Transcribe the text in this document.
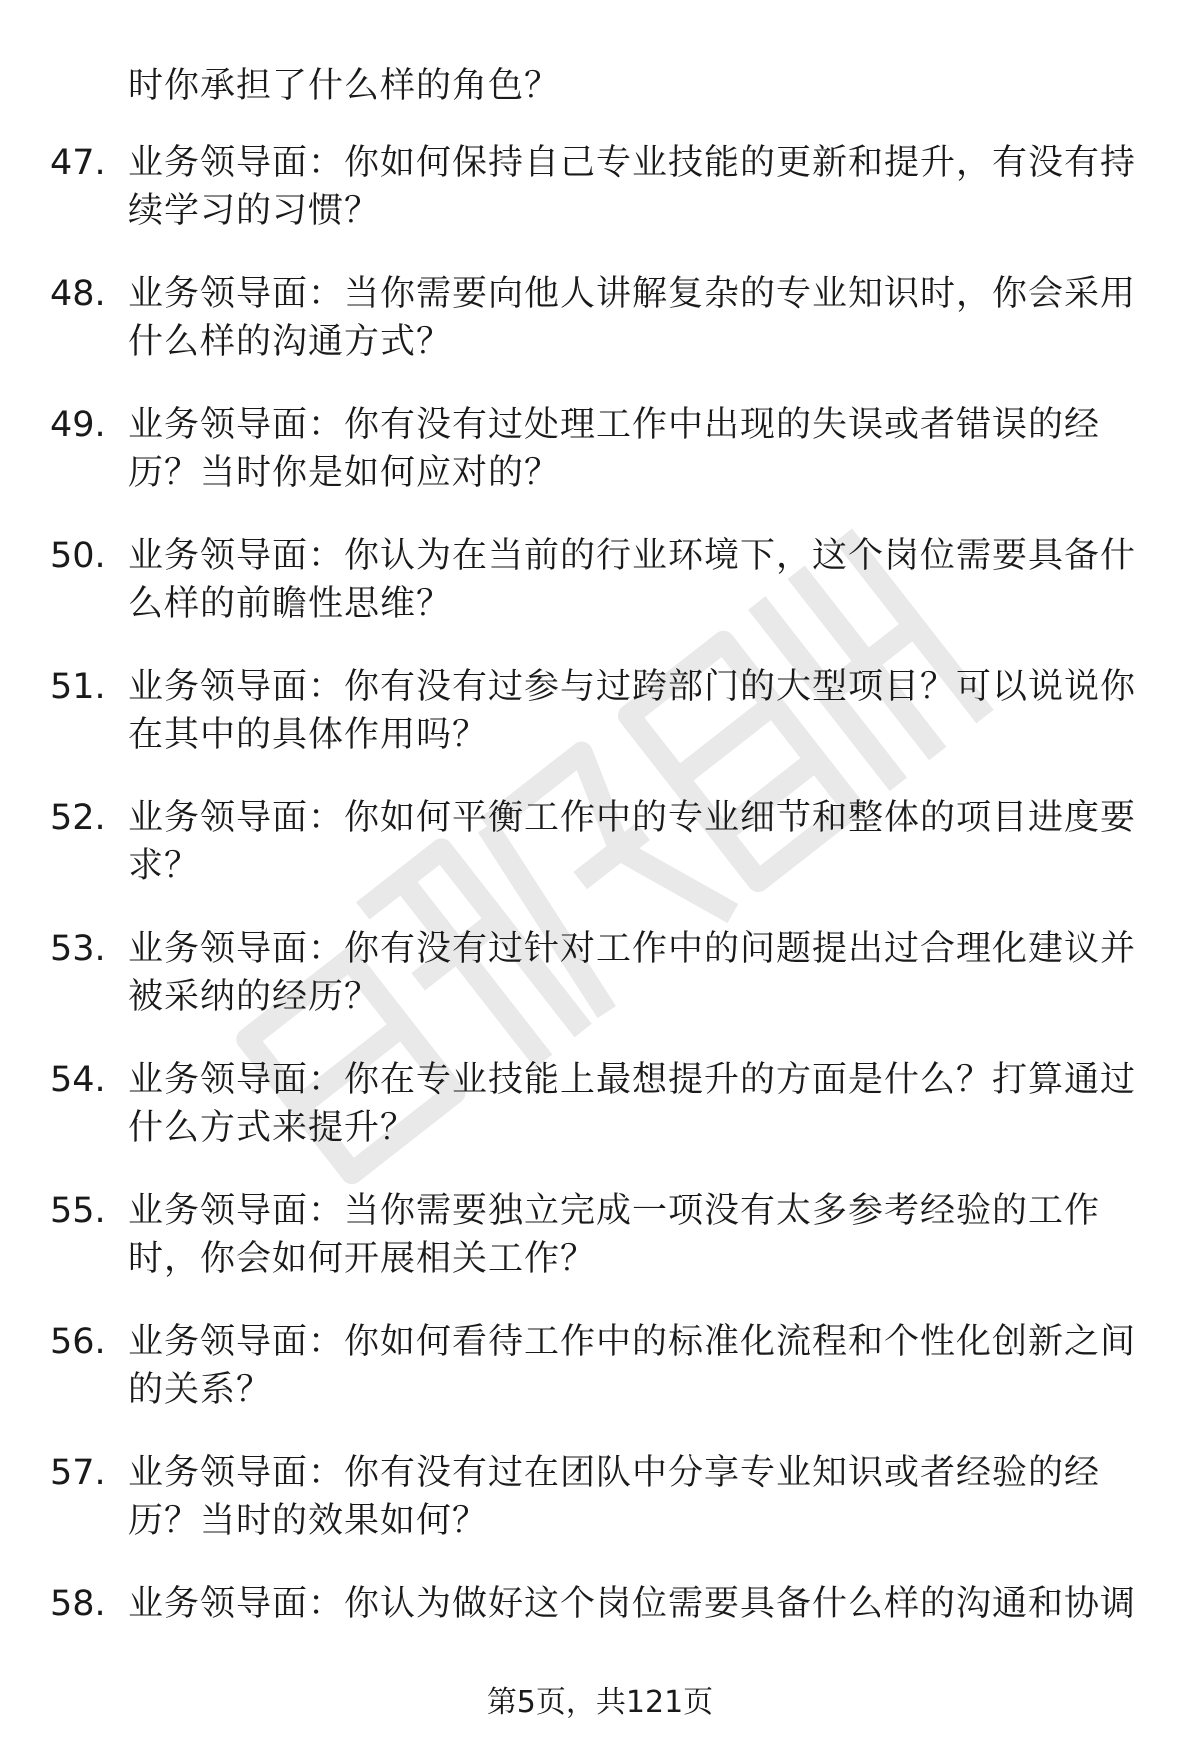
时你承担了什么样的角色？
47. 业务领导面：你如何保持自己专业技能的更新和提升，有没有持续学习的习惯？
48. 业务领导面：当你需要向他人讲解复杂的专业知识时，你会采用什么样的沟通方式？
49. 业务领导面：你有没有过处理工作中出现的失误或者错误的经历？当时你是如何应对的？
50. 业务领导面：你认为在当前的行业环境下，这个岗位需要具备什么样的前瞻性思维？
51. 业务领导面：你有没有过参与过跨部门的大型项目？可以说说你在其中的具体作用吗？
52. 业务领导面：你如何平衡工作中的专业细节和整体的项目进度要求？
53. 业务领导面：你有没有过针对工作中的问题提出过合理化建议并被采纳的经历？
54. 业务领导面：你在专业技能上最想提升的方面是什么？打算通过什么方式来提升？
55. 业务领导面：当你需要独立完成一项没有太多参考经验的工作时，你会如何开展相关工作？
56. 业务领导面：你如何看待工作中的标准化流程和个性化创新之间的关系？
57. 业务领导面：你有没有过在团队中分享专业知识或者经验的经历？当时的效果如何？
58. 业务领导面：你认为做好这个岗位需要具备什么样的沟通和协调
第5页，共121页
